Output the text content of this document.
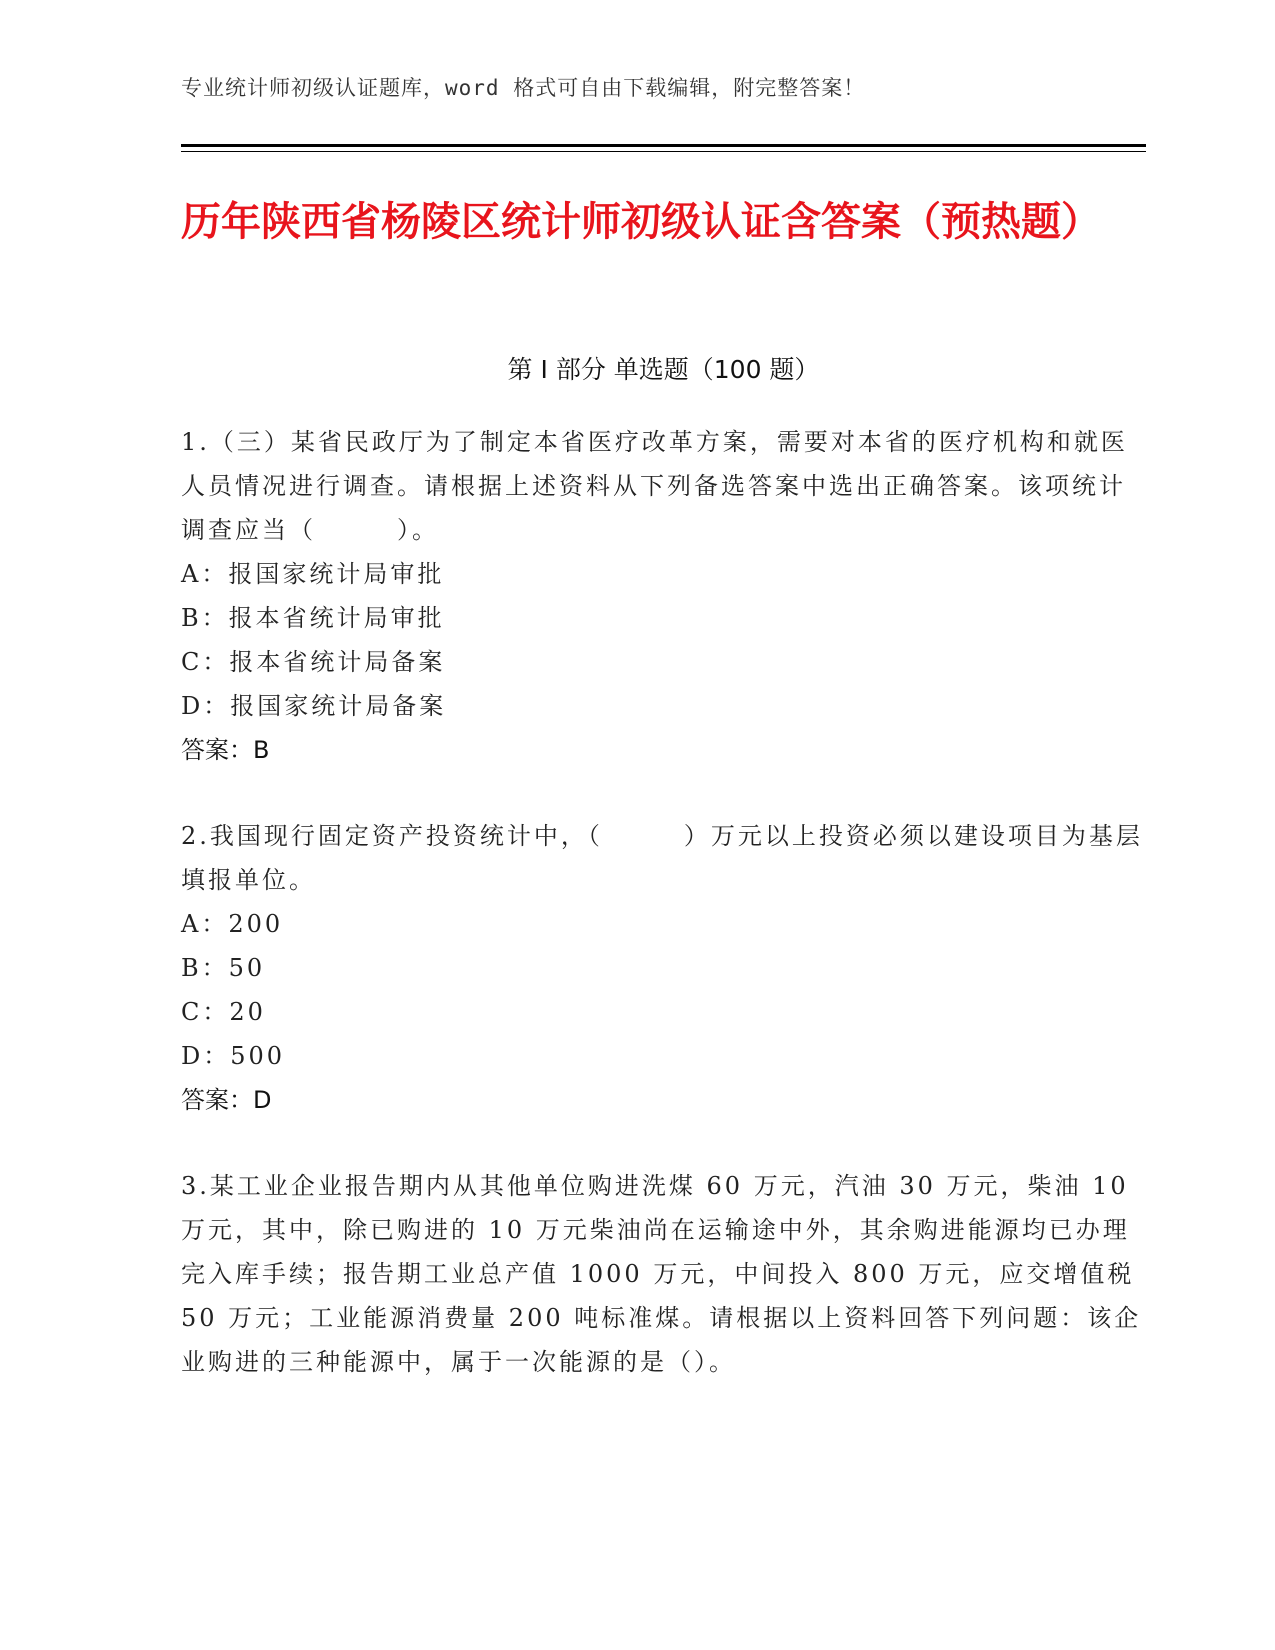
专业统计师初级认证题库，word 格式可自由下载编辑，附完整答案！
历年陕西省杨陵区统计师初级认证含答案（预热题）
第 I 部分 单选题（100 题）

1.（三）某省民政厅为了制定本省医疗改革方案，需要对本省的医疗机构和就医人员情况进行调查。请根据上述资料从下列备选答案中选出正确答案。该项统计调查应当（　　　）。

A：报国家统计局审批

B：报本省统计局审批

C：报本省统计局备案

D：报国家统计局备案

答案：B

2.我国现行固定资产投资统计中，（　　　）万元以上投资必须以建设项目为基层填报单位。

A：200

B：50

C：20

D：500

答案：D

3.某工业企业报告期内从其他单位购进洗煤 60 万元，汽油 30 万元，柴油 10 万元，其中，除已购进的 10 万元柴油尚在运输途中外，其余购进能源均已办理完入库手续；报告期工业总产值 1000 万元，中间投入 800 万元，应交增值税 50 万元；工业能源消费量 200 吨标准煤。请根据以上资料回答下列问题：该企业购进的三种能源中，属于一次能源的是（）。
